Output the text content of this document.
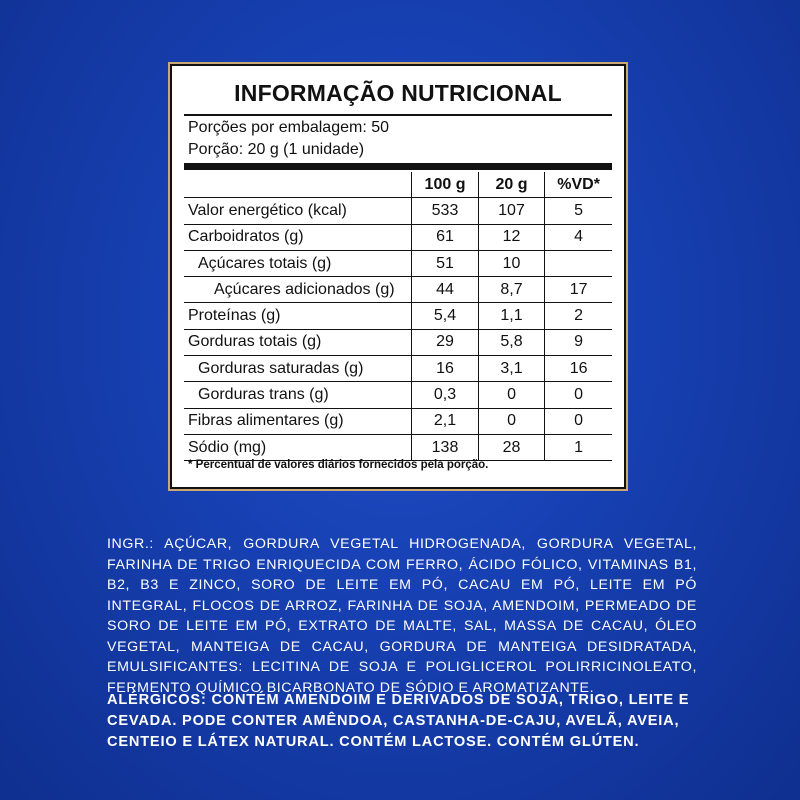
INFORMAÇÃO NUTRICIONAL
Porções por embalagem: 50
Porção: 20 g (1 unidade)
	100 g	20 g	%VD*
Valor energético (kcal)	533	107	5
Carboidratos (g)	61	12	4
Açúcares totais (g)	51	10	
Açúcares adicionados (g)	44	8,7	17
Proteínas (g)	5,4	1,1	2
Gorduras totais (g)	29	5,8	9
Gorduras saturadas (g)	16	3,1	16
Gorduras trans (g)	0,3	0	0
Fibras alimentares (g)	2,1	0	0
Sódio (mg)	138	28	1
* Percentual de valores diários fornecidos pela porção.
INGR.: AÇÚCAR, GORDURA VEGETAL HIDROGENADA, GORDURA VEGETAL, FARINHA DE TRIGO ENRIQUECIDA COM FERRO, ÁCIDO FÓLICO, VITAMINAS B1, B2, B3 E ZINCO, SORO DE LEITE EM PÓ, CACAU EM PÓ, LEITE EM PÓ INTEGRAL, FLOCOS DE ARROZ, FARINHA DE SOJA, AMENDOIM, PERMEADO DE SORO DE LEITE EM PÓ, EXTRATO DE MALTE, SAL, MASSA DE CACAU, ÓLEO VEGETAL, MANTEIGA DE CACAU, GORDURA DE MANTEIGA DESIDRATADA, EMULSIFICANTES: LECITINA DE SOJA E POLIGLICEROL POLIRRICINOLEATO, FERMENTO QUÍMICO BICARBONATO DE SÓDIO E AROMATIZANTE.
ALÉRGICOS: CONTÉM AMENDOIM E DERIVADOS DE SOJA, TRIGO, LEITE E CEVADA. PODE CONTER AMÊNDOA, CASTANHA-DE-CAJU, AVELÃ, AVEIA, CENTEIO E LÁTEX NATURAL. CONTÉM LACTOSE. CONTÉM GLÚTEN.
